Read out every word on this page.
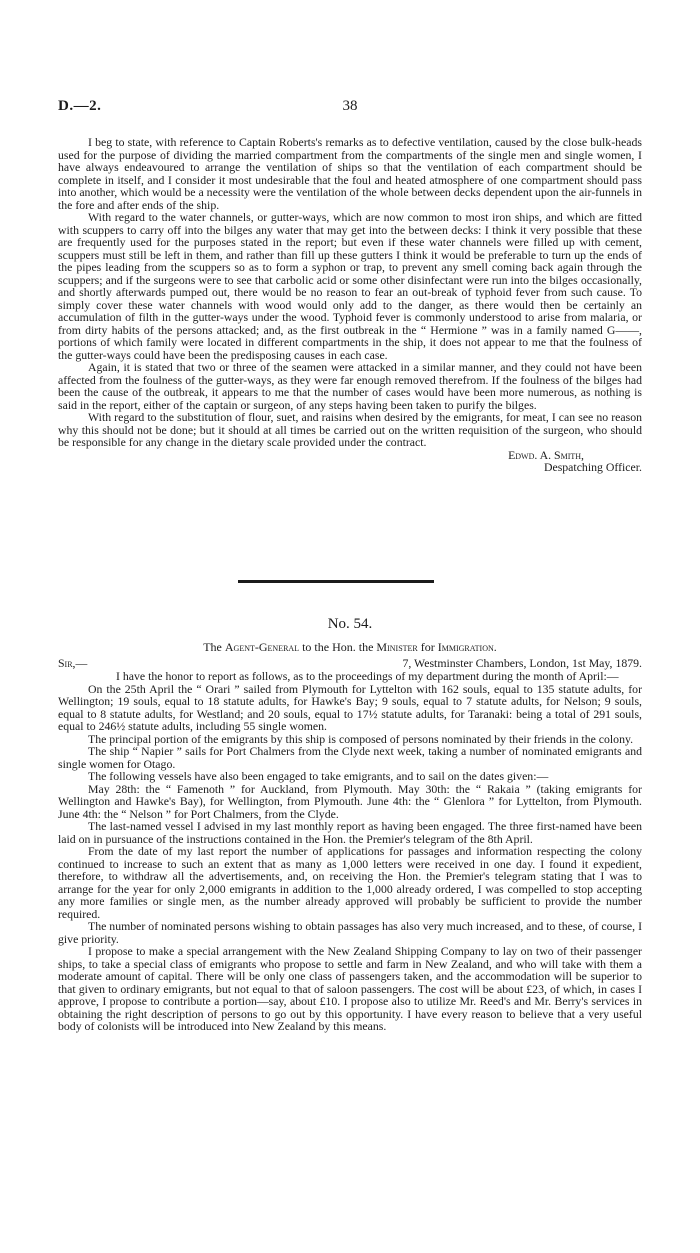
D.—2.	38

I beg to state, with reference to Captain Roberts's remarks as to defective ventilation, caused by the close bulk-heads used for the purpose of dividing the married compartment from the compartments of the single men and single women, I have always endeavoured to arrange the ventilation of ships so that the ventilation of each compartment should be complete in itself, and I consider it most undesirable that the foul and heated atmosphere of one compartment should pass into another, which would be a necessity were the ventilation of the whole between decks dependent upon the air-funnels in the fore and after ends of the ship.

With regard to the water channels, or gutter-ways, which are now common to most iron ships, and which are fitted with scuppers to carry off into the bilges any water that may get into the between decks: I think it very possible that these are frequently used for the purposes stated in the report; but even if these water channels were filled up with cement, scuppers must still be left in them, and rather than fill up these gutters I think it would be preferable to turn up the ends of the pipes leading from the scuppers so as to form a syphon or trap, to prevent any smell coming back again through the scuppers; and if the surgeons were to see that carbolic acid or some other disinfectant were run into the bilges occasionally, and shortly afterwards pumped out, there would be no reason to fear an out-break of typhoid fever from such cause. To simply cover these water channels with wood would only add to the danger, as there would then be certainly an accumulation of filth in the gutter-ways under the wood. Typhoid fever is commonly understood to arise from malaria, or from dirty habits of the persons attacked; and, as the first outbreak in the “ Hermione ” was in a family named G——, portions of which family were located in different compartments in the ship, it does not appear to me that the foulness of the gutter-ways could have been the predisposing causes in each case.

Again, it is stated that two or three of the seamen were attacked in a similar manner, and they could not have been affected from the foulness of the gutter-ways, as they were far enough removed therefrom. If the foulness of the bilges had been the cause of the outbreak, it appears to me that the number of cases would have been more numerous, as nothing is said in the report, either of the captain or surgeon, of any steps having been taken to purify the bilges.

With regard to the substitution of flour, suet, and raisins when desired by the emigrants, for meat, I can see no reason why this should not be done; but it should at all times be carried out on the written requisition of the surgeon, who should be responsible for any change in the dietary scale provided under the contract.

Edwd. A. Smith,
Despatching Officer.
No. 54.
The Agent-General to the Hon. the Minister for Immigration.
Sir,—	7, Westminster Chambers, London, 1st May, 1879.

I have the honor to report as follows, as to the proceedings of my department during the month of April:—

On the 25th April the “ Orari ” sailed from Plymouth for Lyttelton with 162 souls, equal to 135 statute adults, for Wellington; 19 souls, equal to 18 statute adults, for Hawke's Bay; 9 souls, equal to 7 statute adults, for Nelson; 9 souls, equal to 8 statute adults, for Westland; and 20 souls, equal to 17½ statute adults, for Taranaki: being a total of 291 souls, equal to 246½ statute adults, including 55 single women.

The principal portion of the emigrants by this ship is composed of persons nominated by their friends in the colony.

The ship “ Napier ” sails for Port Chalmers from the Clyde next week, taking a number of nominated emigrants and single women for Otago.

The following vessels have also been engaged to take emigrants, and to sail on the dates given:—

May 28th: the “ Famenoth ” for Auckland, from Plymouth. May 30th: the “ Rakaia ” (taking emigrants for Wellington and Hawke's Bay), for Wellington, from Plymouth. June 4th: the “ Glenlora ” for Lyttelton, from Plymouth. June 4th: the “ Nelson ” for Port Chalmers, from the Clyde.

The last-named vessel I advised in my last monthly report as having been engaged. The three first-named have been laid on in pursuance of the instructions contained in the Hon. the Premier's telegram of the 8th April.

From the date of my last report the number of applications for passages and information respecting the colony continued to increase to such an extent that as many as 1,000 letters were received in one day. I found it expedient, therefore, to withdraw all the advertisements, and, on receiving the Hon. the Premier's telegram stating that I was to arrange for the year for only 2,000 emigrants in addition to the 1,000 already ordered, I was compelled to stop accepting any more families or single men, as the number already approved will probably be sufficient to provide the number required.

The number of nominated persons wishing to obtain passages has also very much increased, and to these, of course, I give priority.

I propose to make a special arrangement with the New Zealand Shipping Company to lay on two of their passenger ships, to take a special class of emigrants who propose to settle and farm in New Zealand, and who will take with them a moderate amount of capital. There will be only one class of passengers taken, and the accommodation will be superior to that given to ordinary emigrants, but not equal to that of saloon passengers. The cost will be about £23, of which, in cases I approve, I propose to contribute a portion—say, about £10. I propose also to utilize Mr. Reed's and Mr. Berry's services in obtaining the right description of persons to go out by this opportunity. I have every reason to believe that a very useful body of colonists will be introduced into New Zealand by this means.
